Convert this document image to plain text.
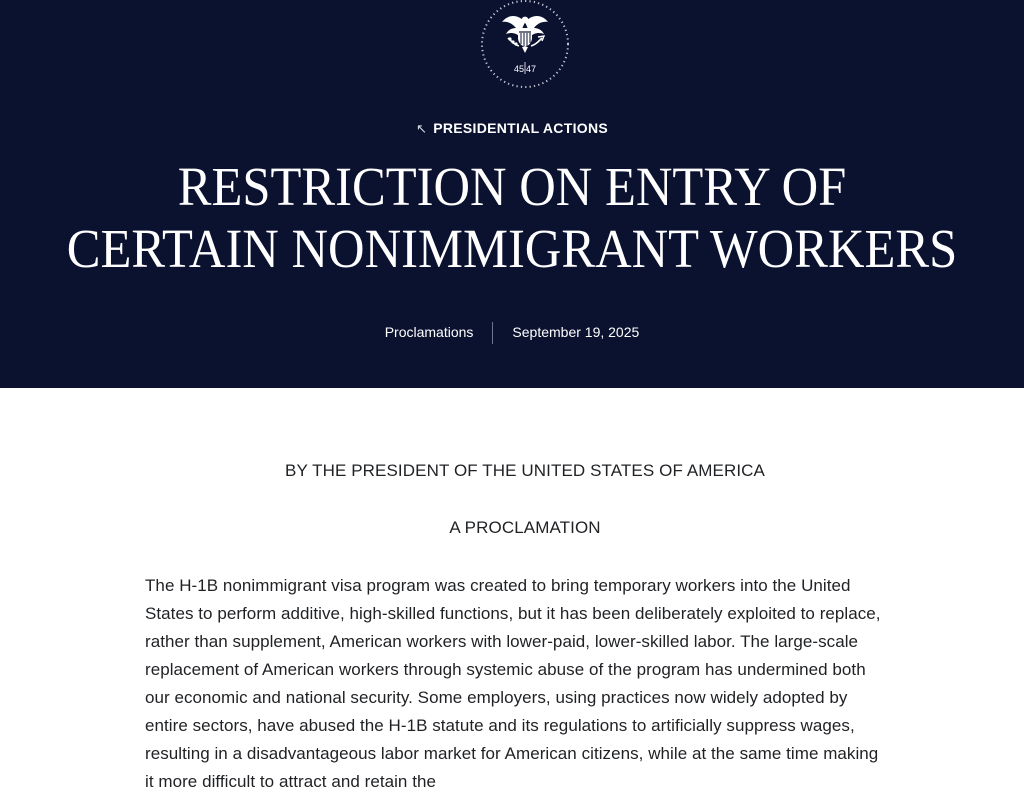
45 47
↖ PRESIDENTIAL ACTIONS
RESTRICTION ON ENTRY OF
CERTAIN NONIMMIGRANT WORKERS
Proclamations	September 19, 2025

BY THE PRESIDENT OF THE UNITED STATES OF AMERICA

A PROCLAMATION

The H-1B nonimmigrant visa program was created to bring temporary workers into the United States to perform additive, high-skilled functions, but it has been deliberately exploited to replace, rather than supplement, American workers with lower-paid, lower-skilled labor. The large-scale replacement of American workers through systemic abuse of the program has undermined both our economic and national security. Some employers, using practices now widely adopted by entire sectors, have abused the H-1B statute and its regulations to artificially suppress wages, resulting in a disadvantageous labor market for American citizens, while at the same time making it more difficult to attract and retain the
